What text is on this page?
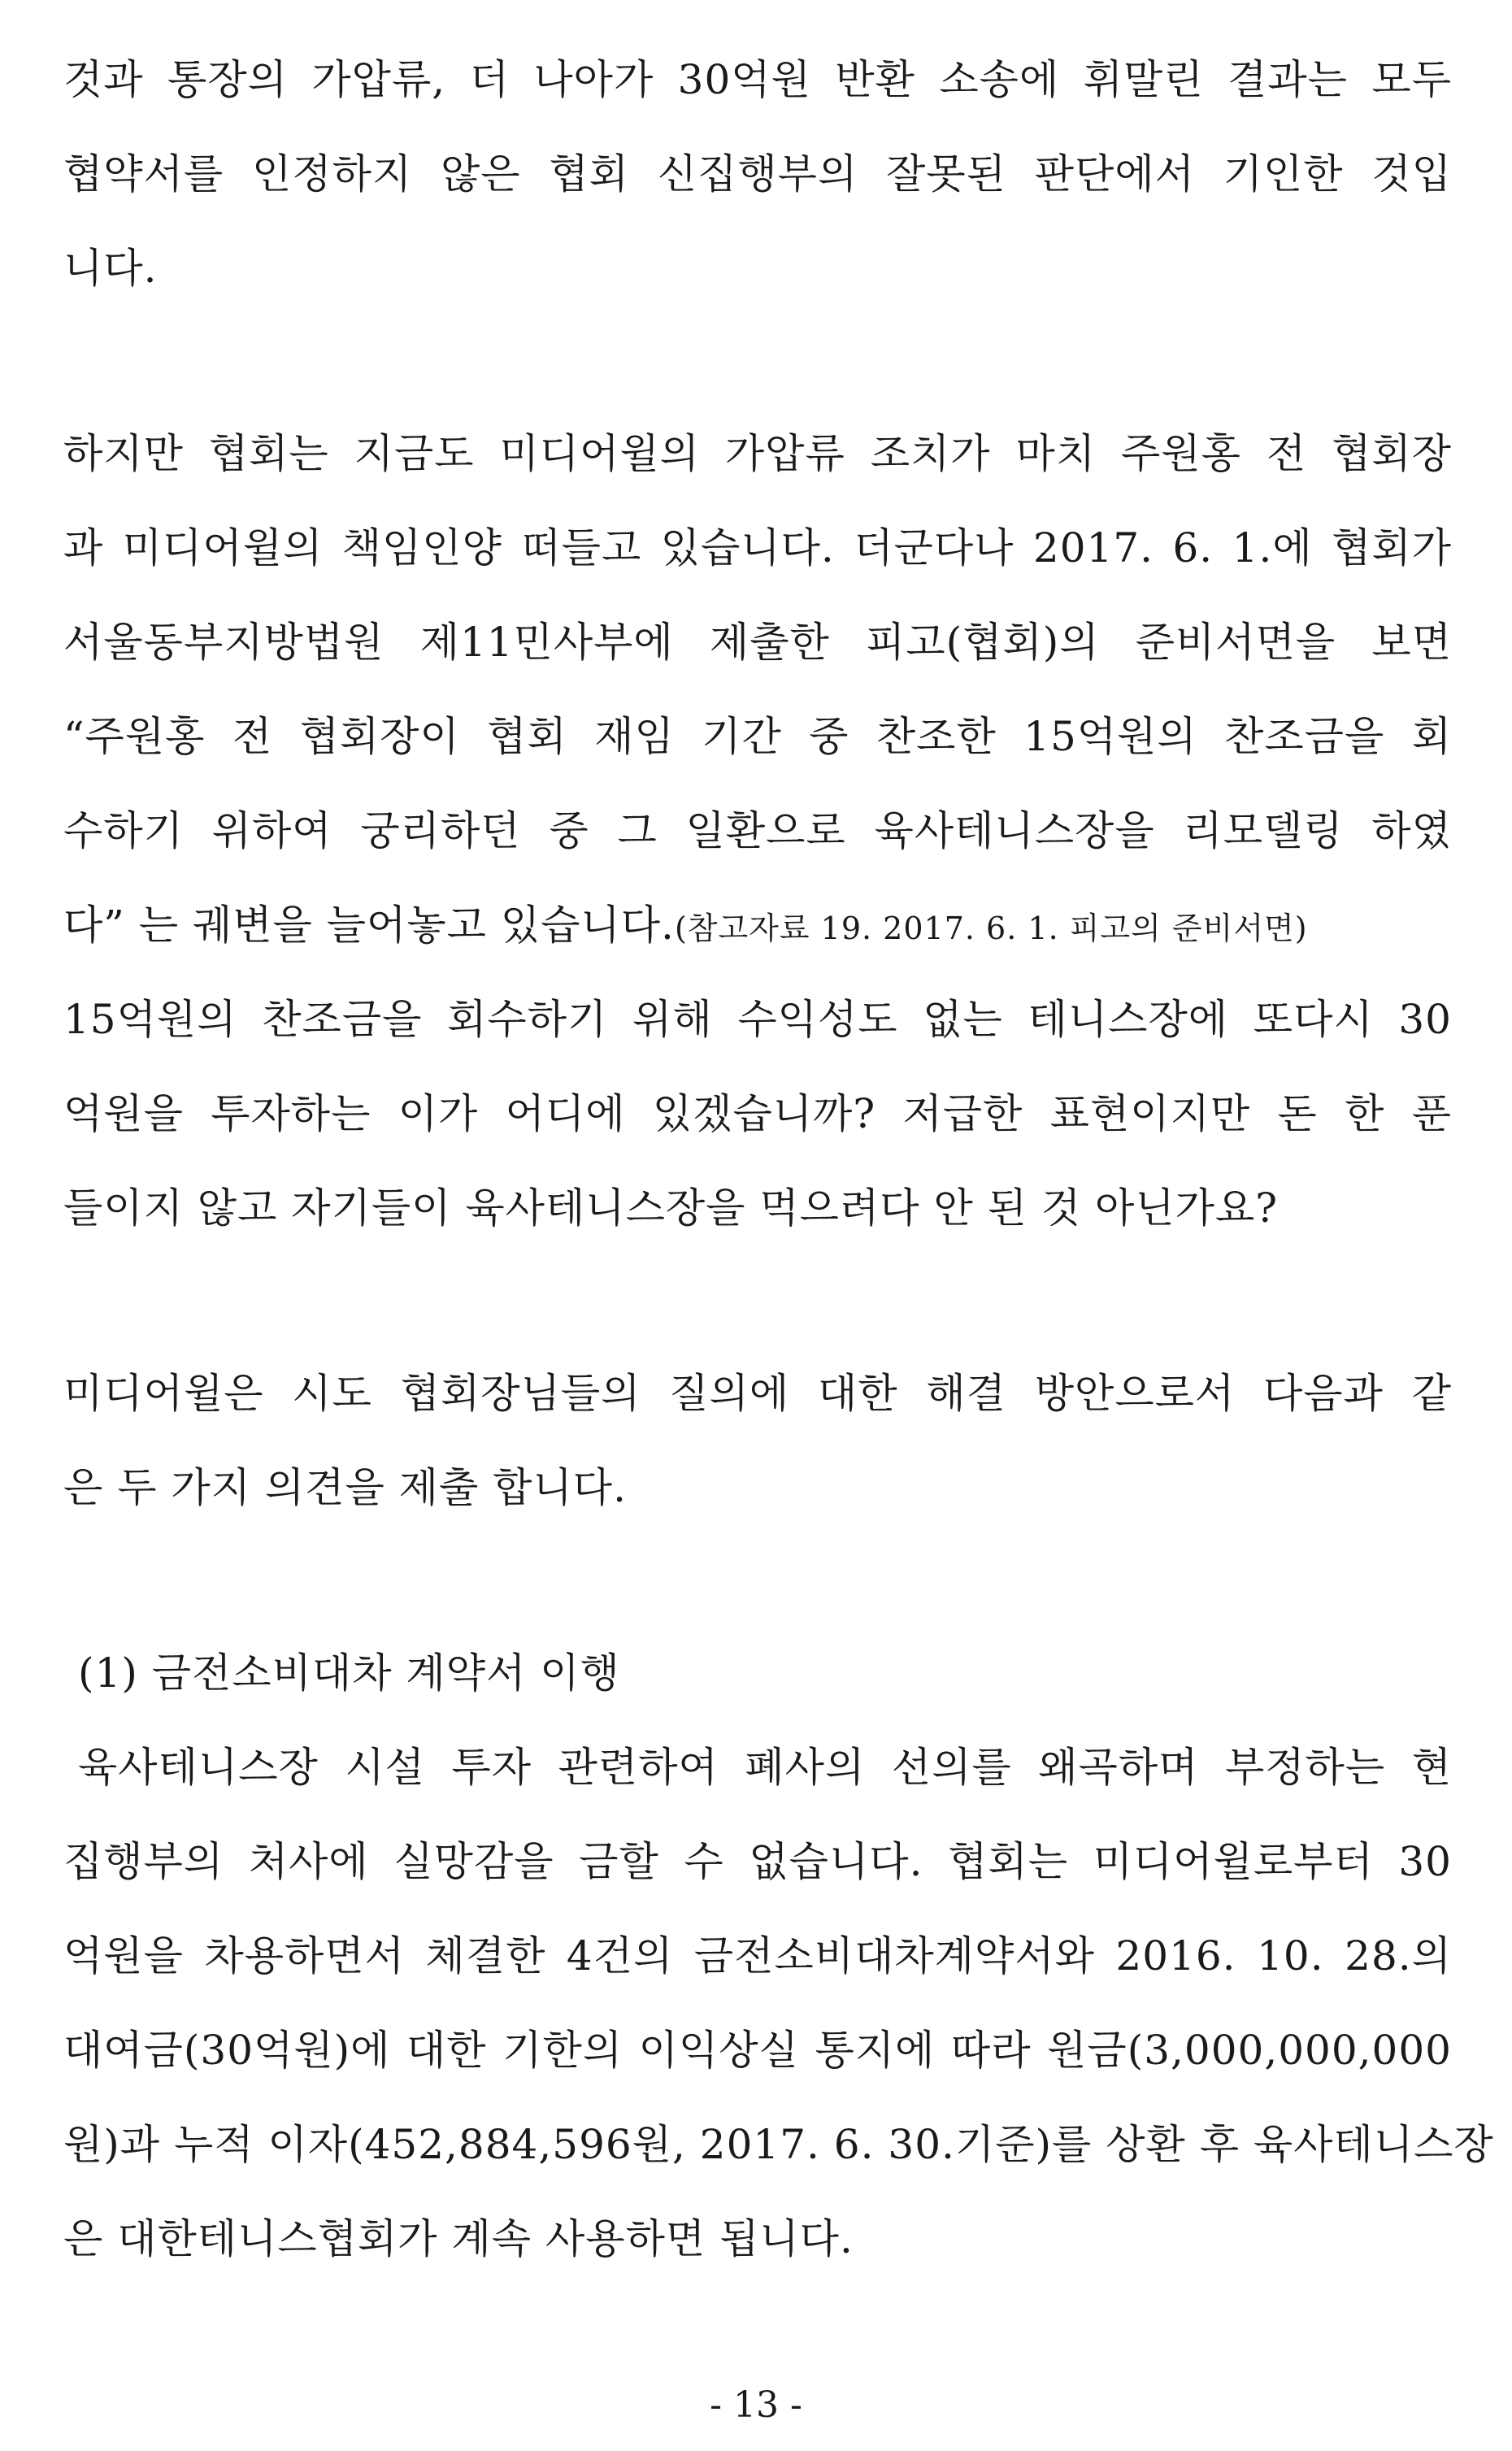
것과 통장의 가압류, 더 나아가 30억원 반환 소송에 휘말린 결과는 모두
협약서를 인정하지 않은 협회 신집행부의 잘못된 판단에서 기인한 것입
니다.
하지만 협회는 지금도 미디어윌의 가압류 조치가 마치 주원홍 전 협회장
과 미디어윌의 책임인양 떠들고 있습니다. 더군다나 2017. 6. 1.에 협회가
서울동부지방법원 제11민사부에 제출한 피고(협회)의 준비서면을 보면
“주원홍 전 협회장이 협회 재임 기간 중 찬조한 15억원의 찬조금을 회
수하기 위하여 궁리하던 중 그 일환으로 육사테니스장을 리모델링 하였
다” 는 궤변을 늘어놓고 있습니다.(참고자료 19. 2017. 6. 1. 피고의 준비서면)
15억원의 찬조금을 회수하기 위해 수익성도 없는 테니스장에 또다시 30
억원을 투자하는 이가 어디에 있겠습니까? 저급한 표현이지만 돈 한 푼
들이지 않고 자기들이 육사테니스장을 먹으려다 안 된 것 아닌가요?
미디어윌은 시도 협회장님들의 질의에 대한 해결 방안으로서 다음과 같
은 두 가지 의견을 제출 합니다.
(1) 금전소비대차 계약서 이행
육사테니스장 시설 투자 관련하여 폐사의 선의를 왜곡하며 부정하는 현
집행부의 처사에 실망감을 금할 수 없습니다. 협회는 미디어윌로부터 30
억원을 차용하면서 체결한 4건의 금전소비대차계약서와 2016. 10. 28.의
대여금(30억원)에 대한 기한의 이익상실 통지에 따라 원금(3,000,000,000
원)과 누적 이자(452,884,596원, 2017. 6. 30.기준)를 상환 후 육사테니스장
은 대한테니스협회가 계속 사용하면 됩니다.
- 13 -
